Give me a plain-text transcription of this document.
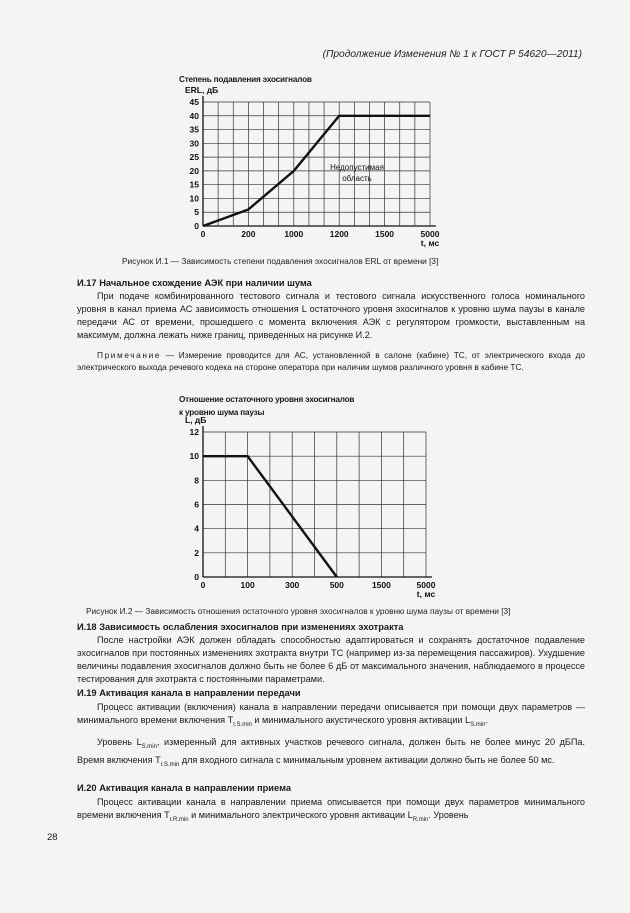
(Продолжение Изменения № 1 к ГОСТ Р 54620—2011)
Степень подавления эхосигналов
0
5
10
15
20
25
30
35
40
45
0	200	1000	1200	1500	5000
t, мс
ERL, дБ
Недопустимая
область
Рисунок И.1 — Зависимость степени подавления эхосигналов ERL от времени [3]
И.17 Начальное схождение АЭК при наличии шума

При подаче комбинированного тестового сигнала и тестового сигнала искусственного голоса номинального уровня в канал приема АС зависимость отношения L остаточного уровня эхосигналов к уровню шума паузы в канале передачи АС от времени, прошедшего с момента включения АЭК с регулятором громкости, выставленным на максимум, должна лежать ниже границ, приведенных на рисунке И.2.

Примечание — Измерение проводится для АС, установленной в салоне (кабине) ТС, от электрического входа до электрического выхода речевого кодека на стороне оператора при наличии шумов различного уровня в кабине ТС.

Отношение остаточного уровня эхосигналов
к уровню шума паузы
0
2
4
6
8
10
12
0	100	300	500	1500	5000
t, мс
L, дБ
Рисунок И.2 — Зависимость отношения остаточного уровня эхосигналов к уровню шума паузы от времени [3]
И.18 Зависимость ослабления эхосигналов при изменениях эхотракта

После настройки АЭК должен обладать способностью адаптироваться и сохранять достаточное подавление эхосигналов при постоянных изменениях эхотракта внутри ТС (например из-за перемещения пассажиров). Ухудшение величины подавления эхосигналов должно быть не более 6 дБ от максимального значения, наблюдаемого в процессе тестирования для эхотракта с постоянными параметрами.

И.19 Активация канала в направлении передачи

Процесс активации (включения) канала в направлении передачи описывается при помощи двух параметров — минимального времени включения $T_{r.S.min}$ и минимального акустического уровня активации $L_{S.min}$.

Уровень $L_{S.min}$, измеренный для активных участков речевого сигнала, должен быть не более минус 20 дБПа. Время включения $T_{r.S.min}$ для входного сигнала с минимальным уровнем активации должно быть не более 50 мс.

И.20 Активация канала в направлении приема

Процесс активации канала в направлении приема описывается при помощи двух параметров минимального времени включения $T_{r.R.min}$ и минимального электрического уровня активации $L_{R.min}$. Уровень

28
